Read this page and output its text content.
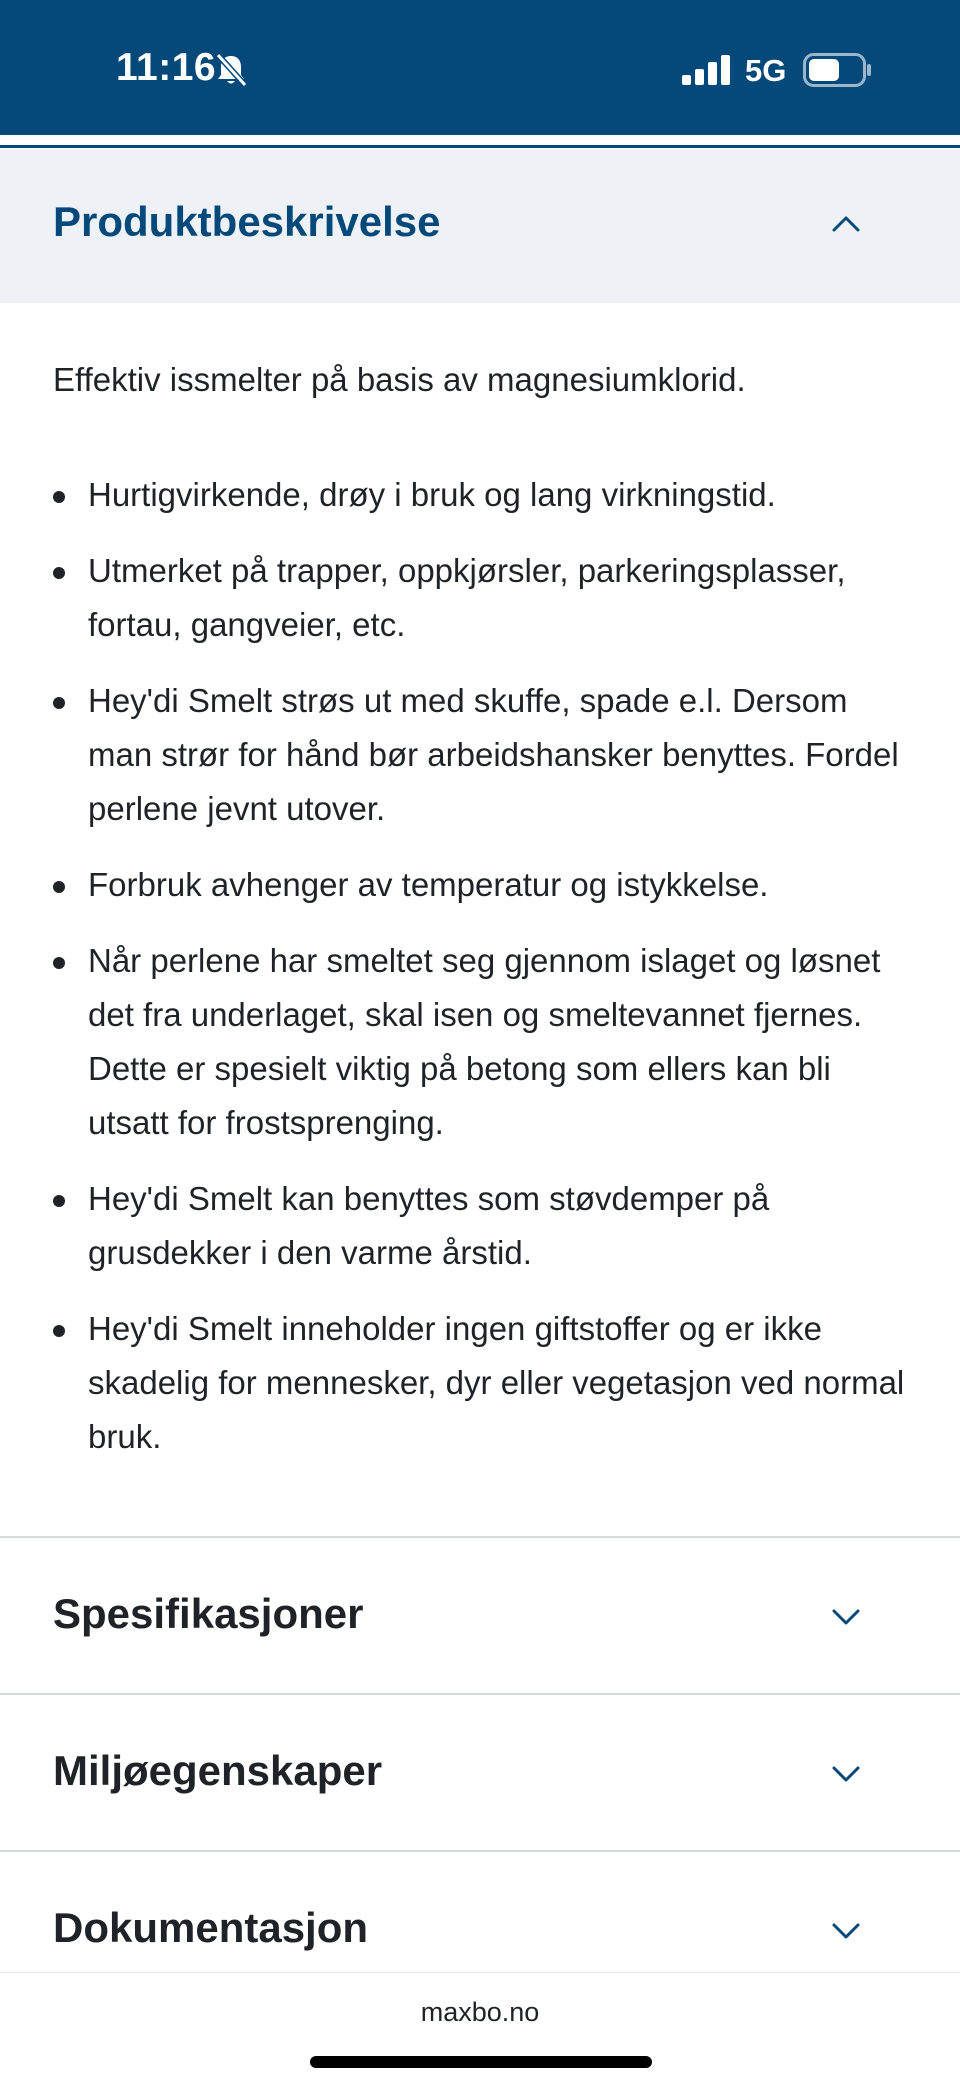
11:16	5G
Produktbeskrivelse

Effektiv issmelter på basis av magnesiumklorid.

Hurtigvirkende, drøy i bruk og lang virkningstid.
Utmerket på trapper, oppkjørsler, parkeringsplasser, fortau, gangveier, etc.
Hey'di Smelt strøs ut med skuffe, spade e.l. Dersom man strør for hånd bør arbeidshansker benyttes. Fordel perlene jevnt utover.
Forbruk avhenger av temperatur og istykkelse.
Når perlene har smeltet seg gjennom islaget og løsnet det fra underlaget, skal isen og smeltevannet fjernes. Dette er spesielt viktig på betong som ellers kan bli utsatt for frostsprenging.
Hey'di Smelt kan benyttes som støvdemper på grusdekker i den varme årstid.
Hey'di Smelt inneholder ingen giftstoffer og er ikke skadelig for mennesker, dyr eller vegetasjon ved normal bruk.
Spesifikasjoner
Miljøegenskaper
Dokumentasjon
maxbo.no
